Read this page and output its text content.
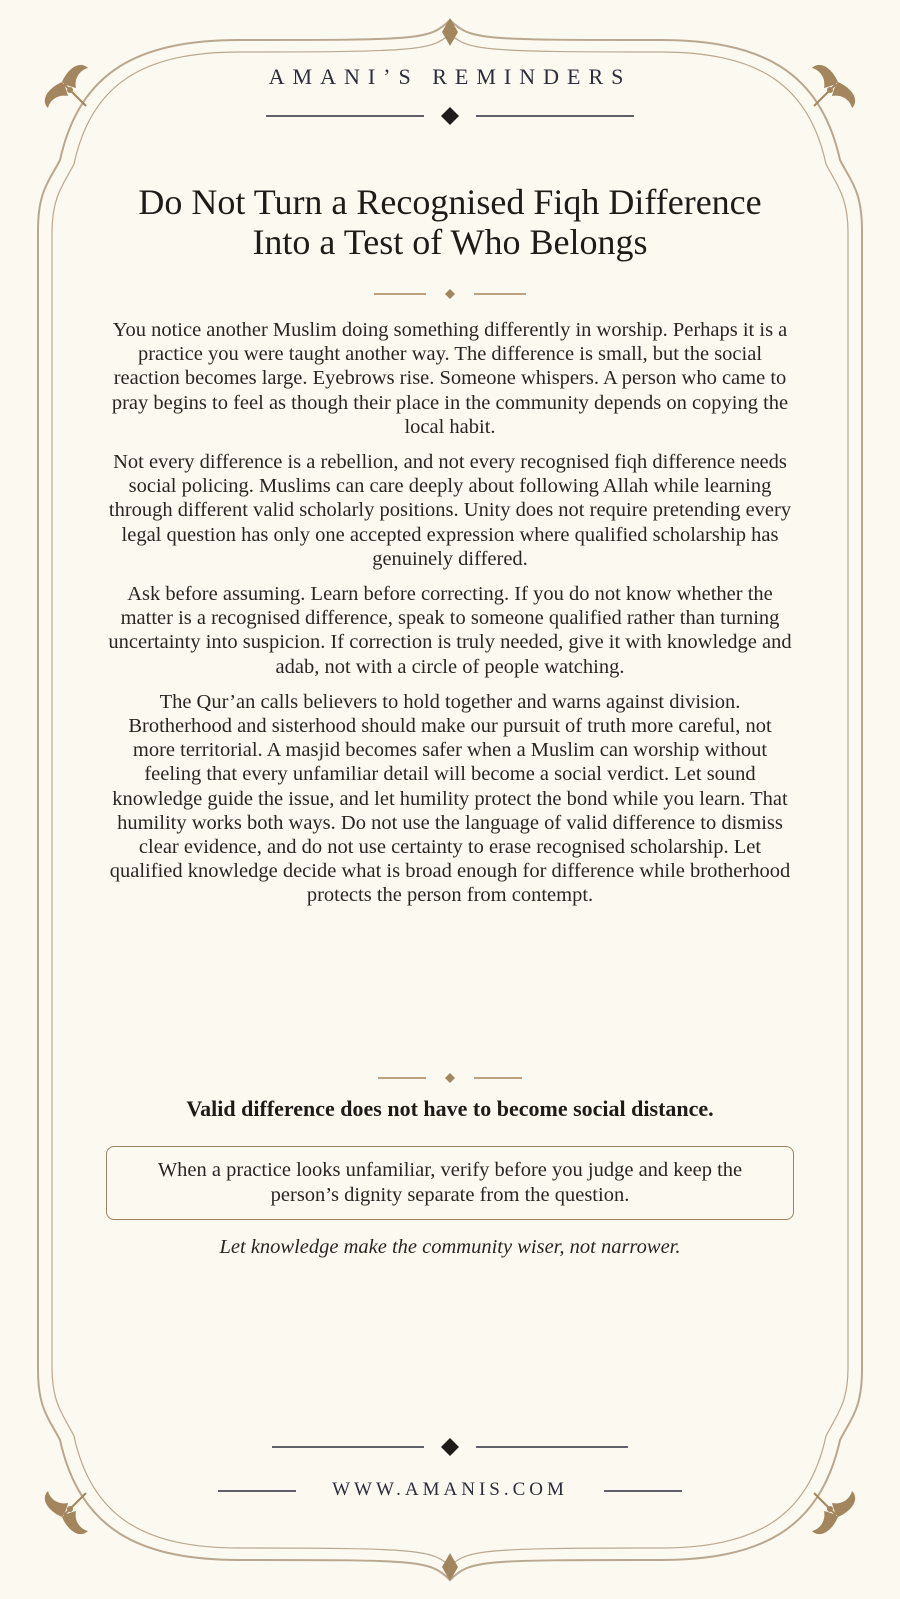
AMANI’S REMINDERS
Do Not Turn a Recognised Fiqh Difference
Into a Test of Who Belongs

You notice another Muslim doing something differently in worship. Perhaps it is a practice you were taught another way. The difference is small, but the social reaction becomes large. Eyebrows rise. Someone whispers. A person who came to pray begins to feel as though their place in the community depends on copying the local habit.

Not every difference is a rebellion, and not every recognised fiqh difference needs social policing. Muslims can care deeply about following Allah while learning through different valid scholarly positions. Unity does not require pretending every legal question has only one accepted expression where qualified scholarship has genuinely differed.

Ask before assuming. Learn before correcting. If you do not know whether the matter is a recognised difference, speak to someone qualified rather than turning uncertainty into suspicion. If correction is truly needed, give it with knowledge and adab, not with a circle of people watching.

The Qur’an calls believers to hold together and warns against division. Brotherhood and sisterhood should make our pursuit of truth more careful, not more territorial. A masjid becomes safer when a Muslim can worship without feeling that every unfamiliar detail will become a social verdict. Let sound knowledge guide the issue, and let humility protect the bond while you learn. That humility works both ways. Do not use the language of valid difference to dismiss clear evidence, and do not use certainty to erase recognised scholarship. Let qualified knowledge decide what is broad enough for difference while brotherhood protects the person from contempt.

Valid difference does not have to become social distance.
When a practice looks unfamiliar, verify before you judge and keep the person’s dignity separate from the question.
Let knowledge make the community wiser, not narrower.
WWW.AMANIS.COM
